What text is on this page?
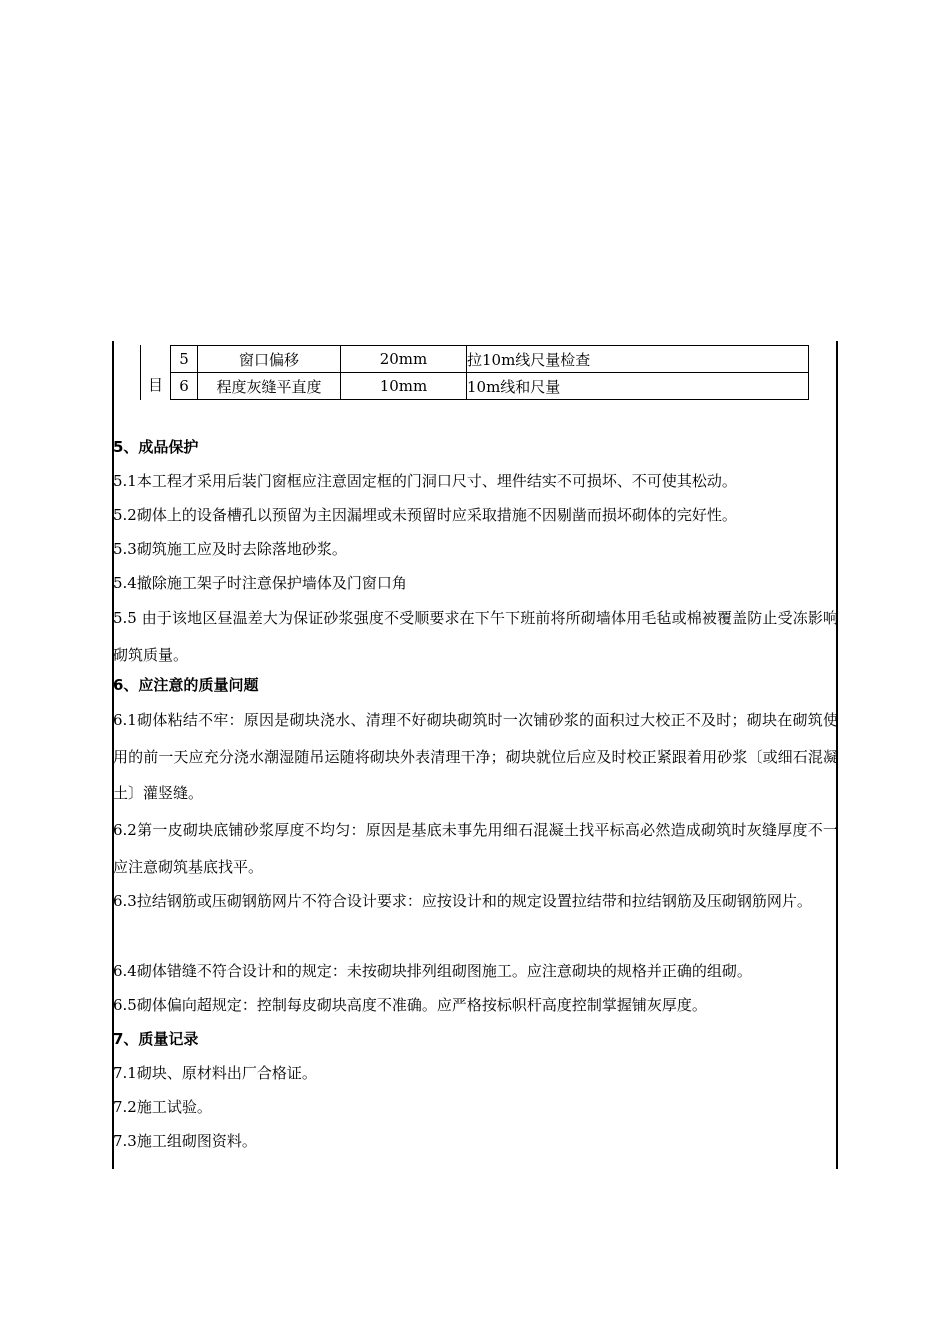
目
5	窗口偏移	20mm	拉10m线尺量检查
6	程度灰缝平直度	10mm	10m线和尺量
5、成品保护
5.1本工程才采用后装门窗框应注意固定框的门洞口尺寸、埋件结实不可损坏、不可使其松动。
5.2砌体上的设备槽孔以预留为主因漏埋或未预留时应采取措施不因剔凿而损坏砌体的完好性。
5.3砌筑施工应及时去除落地砂浆。
5.4撤除施工架子时注意保护墙体及门窗口角
5.5 由于该地区昼温差大为保证砂浆强度不受顺要求在下午下班前将所砌墙体用毛毡或棉被覆盖防止受冻影响砌筑质量。
6、应注意的质量问题
6.1砌体粘结不牢：原因是砌块浇水、清理不好砌块砌筑时一次铺砂浆的面积过大校正不及时；砌块在砌筑使用的前一天应充分浇水潮湿随吊运随将砌块外表清理干净；砌块就位后应及时校正紧跟着用砂浆〔或细石混凝土〕灌竖缝。
6.2第一皮砌块底铺砂浆厚度不均匀：原因是基底未事先用细石混凝土找平标高必然造成砌筑时灰缝厚度不一应注意砌筑基底找平。
6.3拉结钢筋或压砌钢筋网片不符合设计要求：应按设计和的规定设置拉结带和拉结钢筋及压砌钢筋网片。
6.4砌体错缝不符合设计和的规定：未按砌块排列组砌图施工。应注意砌块的规格并正确的组砌。
6.5砌体偏向超规定：控制每皮砌块高度不准确。应严格按标帜杆高度控制掌握铺灰厚度。
7、质量记录
7.1砌块、原材料出厂合格证。
7.2施工试验。
7.3施工组砌图资料。
